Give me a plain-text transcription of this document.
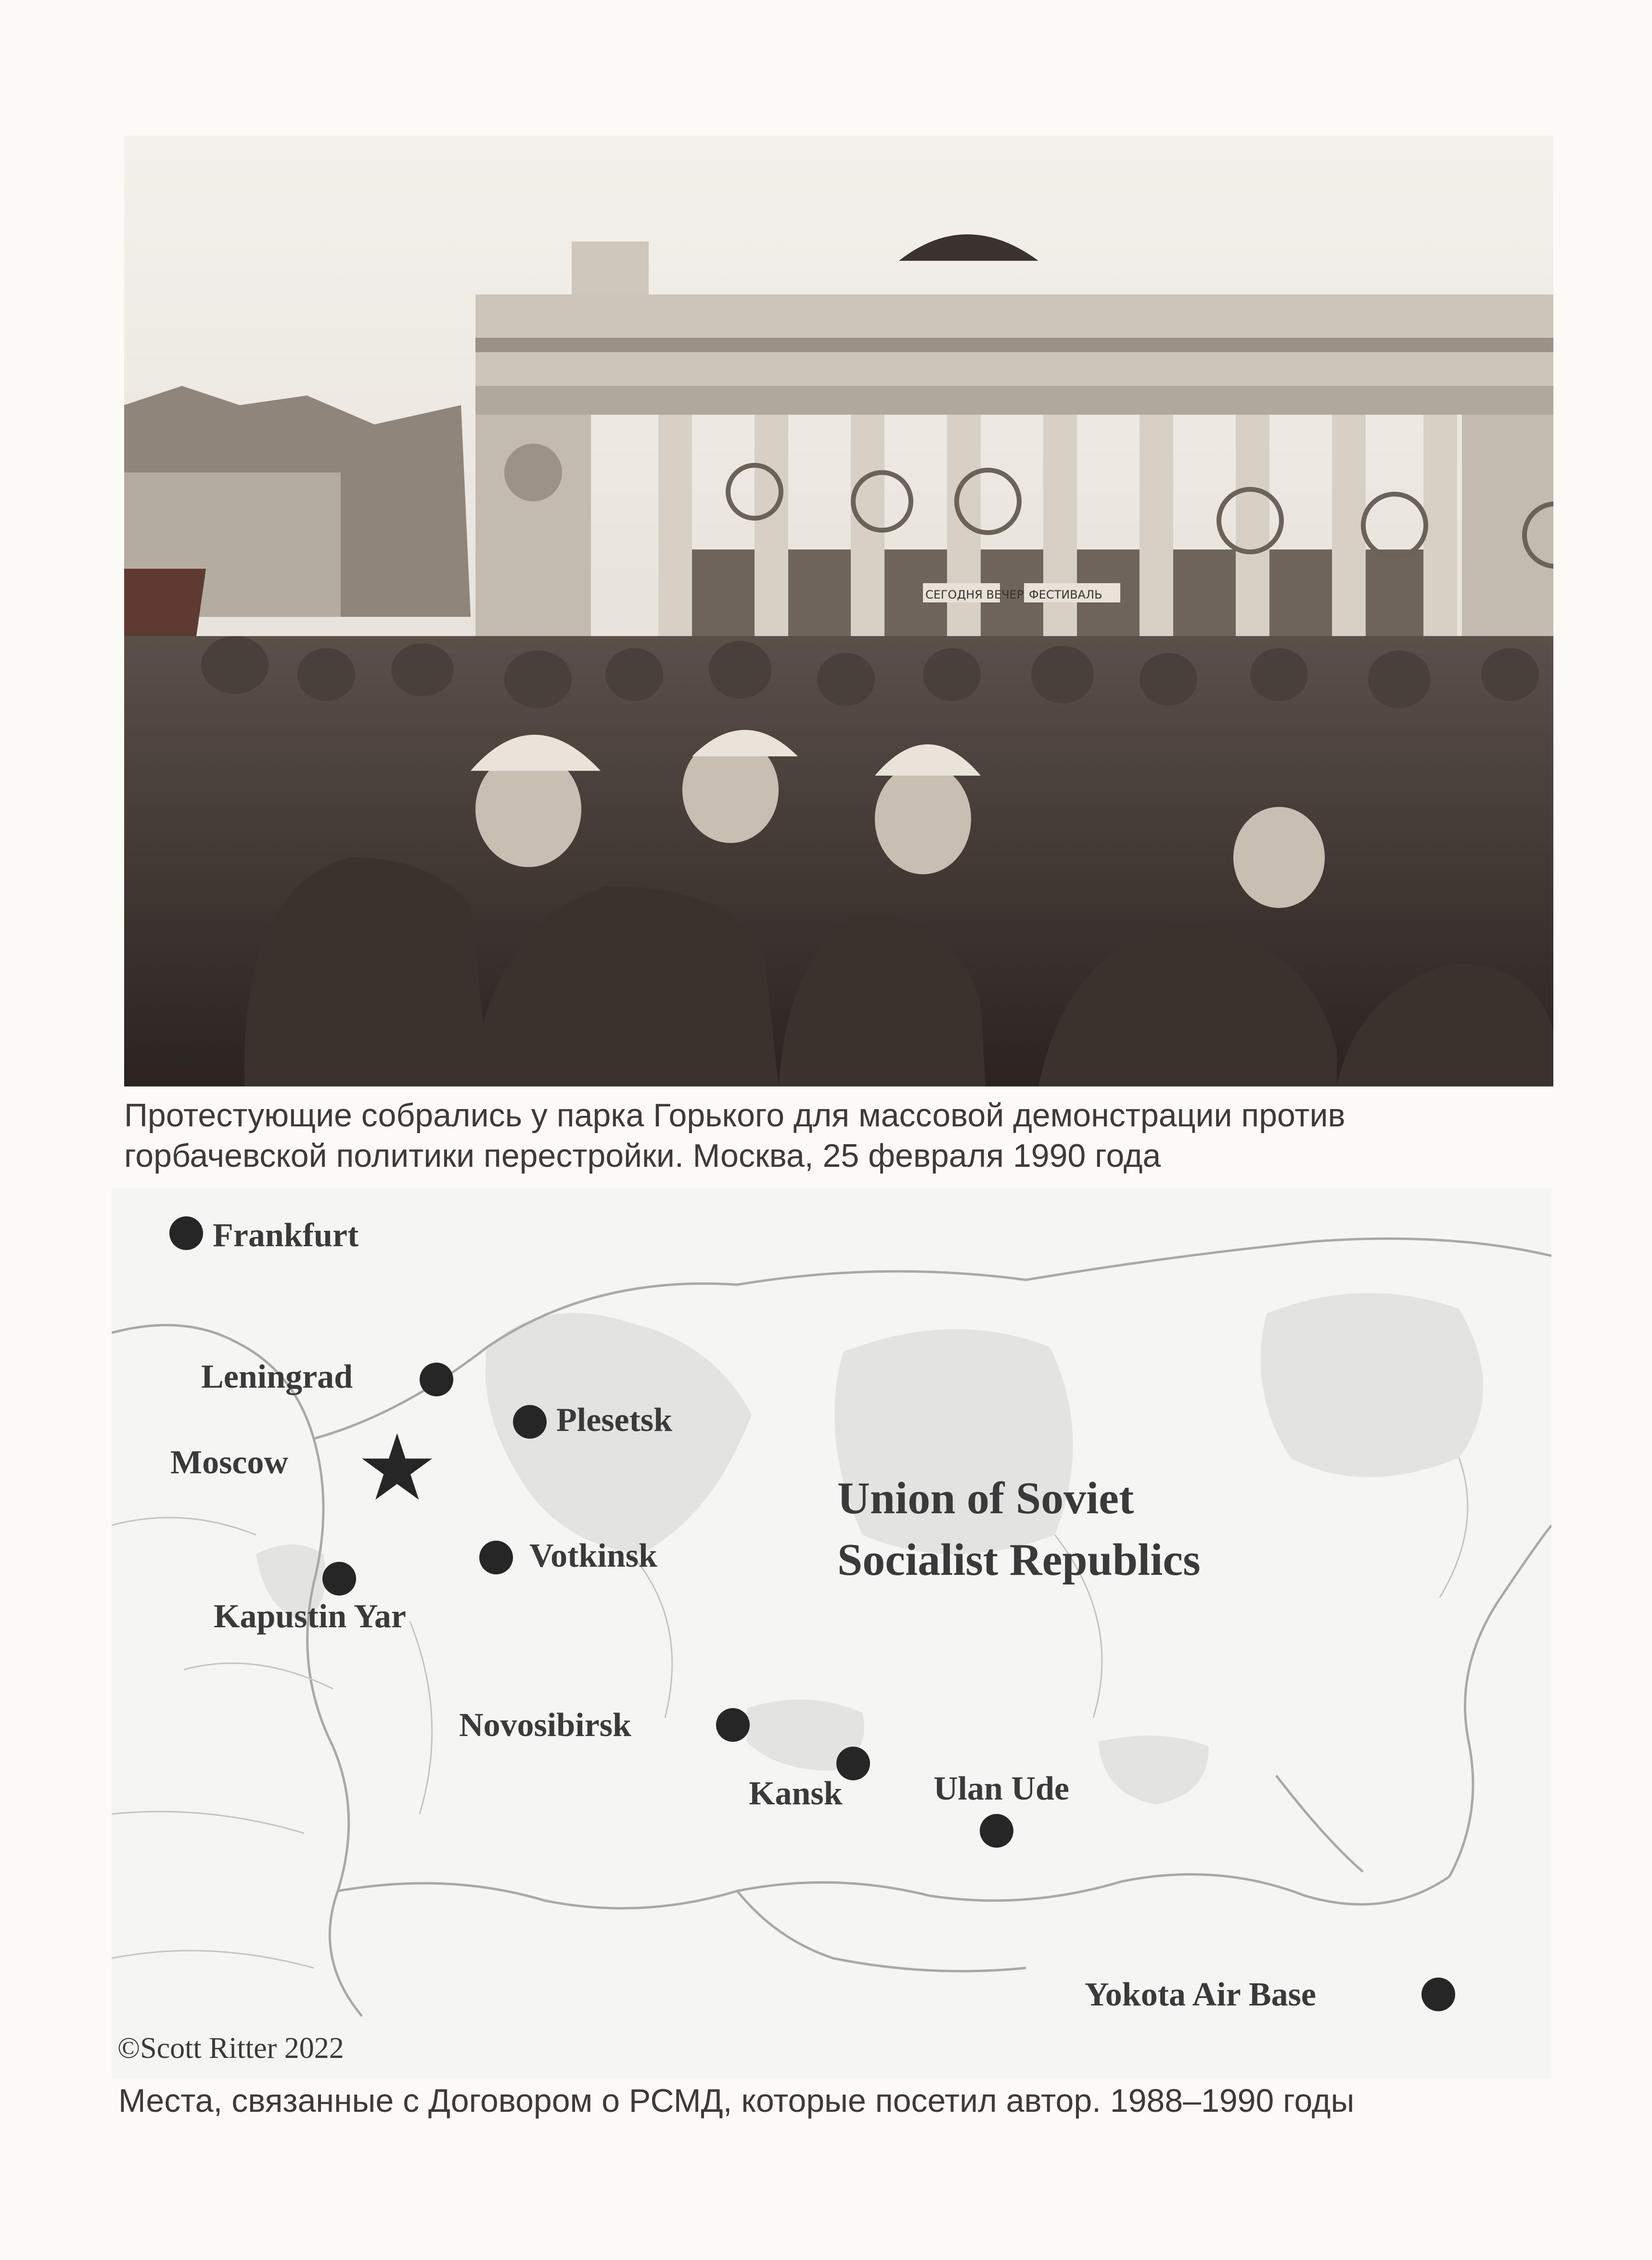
СЕГОДНЯ ВЕЧЕР ФЕСТИВАЛЬ
Протестующие собрались у парка Горького для массовой демонстрации против
горбачевской политики перестройки. Москва, 25 февраля 1990 года
★
Frankfurt
Leningrad
Plesetsk
Moscow
Votkinsk
Kapustin Yar
Novosibirsk
Kansk	Ulan Ude
Yokota Air Base
Union of Soviet
Socialist Republics
©Scott Ritter 2022
Места, связанные с Договором о РСМД, которые посетил автор. 1988–1990 годы
